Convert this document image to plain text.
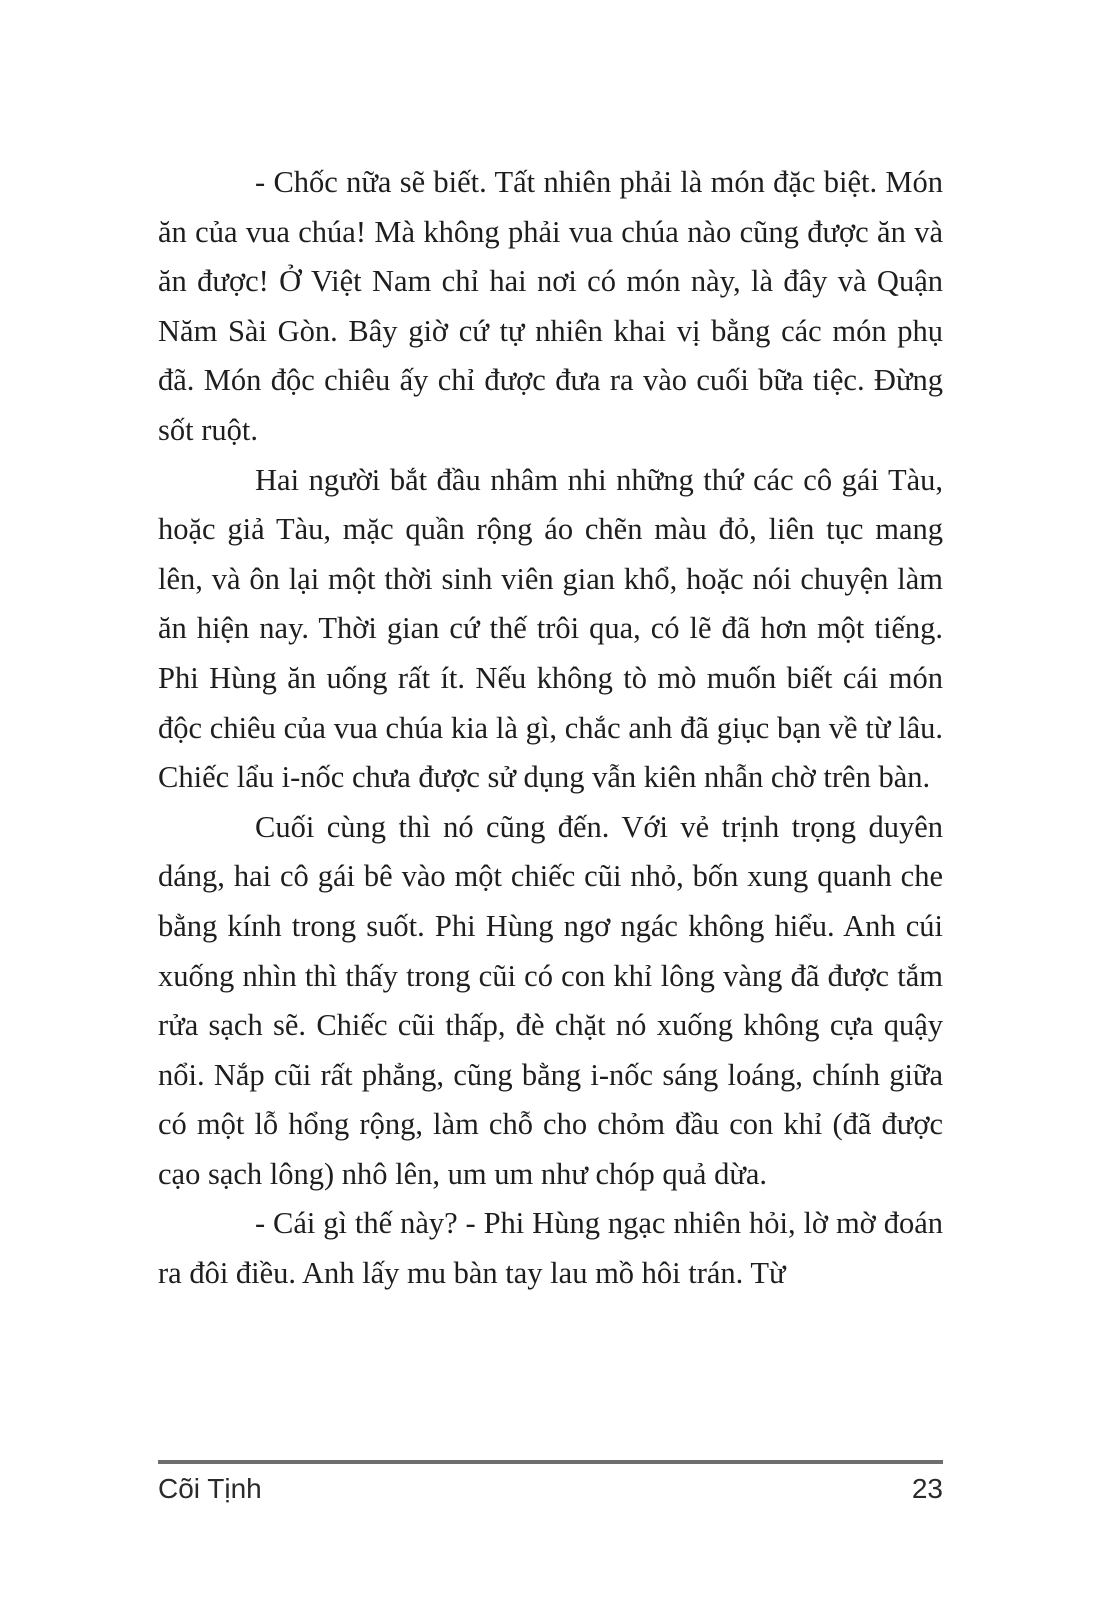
- Chốc nữa sẽ biết. Tất nhiên phải là món đặc biệt. Món ăn của vua chúa! Mà không phải vua chúa nào cũng được ăn và ăn được! Ở Việt Nam chỉ hai nơi có món này, là đây và Quận Năm Sài Gòn. Bây giờ cứ tự nhiên khai vị bằng các món phụ đã. Món độc chiêu ấy chỉ được đưa ra vào cuối bữa tiệc. Đừng sốt ruột.

Hai người bắt đầu nhâm nhi những thứ các cô gái Tàu, hoặc giả Tàu, mặc quần rộng áo chẽn màu đỏ, liên tục mang lên, và ôn lại một thời sinh viên gian khổ, hoặc nói chuyện làm ăn hiện nay. Thời gian cứ thế trôi qua, có lẽ đã hơn một tiếng. Phi Hùng ăn uống rất ít. Nếu không tò mò muốn biết cái món độc chiêu của vua chúa kia là gì, chắc anh đã giục bạn về từ lâu. Chiếc lẩu i-nốc chưa được sử dụng vẫn kiên nhẫn chờ trên bàn.

Cuối cùng thì nó cũng đến. Với vẻ trịnh trọng duyên dáng, hai cô gái bê vào một chiếc cũi nhỏ, bốn xung quanh che bằng kính trong suốt. Phi Hùng ngơ ngác không hiểu. Anh cúi xuống nhìn thì thấy trong cũi có con khỉ lông vàng đã được tắm rửa sạch sẽ. Chiếc cũi thấp, đè chặt nó xuống không cựa quậy nổi. Nắp cũi rất phẳng, cũng bằng i-nốc sáng loáng, chính giữa có một lỗ hổng rộng, làm chỗ cho chỏm đầu con khỉ (đã được cạo sạch lông) nhô lên, um um như chóp quả dừa.

- Cái gì thế này? - Phi Hùng ngạc nhiên hỏi, lờ mờ đoán ra đôi điều. Anh lấy mu bàn tay lau mồ hôi trán. Từ

Cõi Tịnh	23
